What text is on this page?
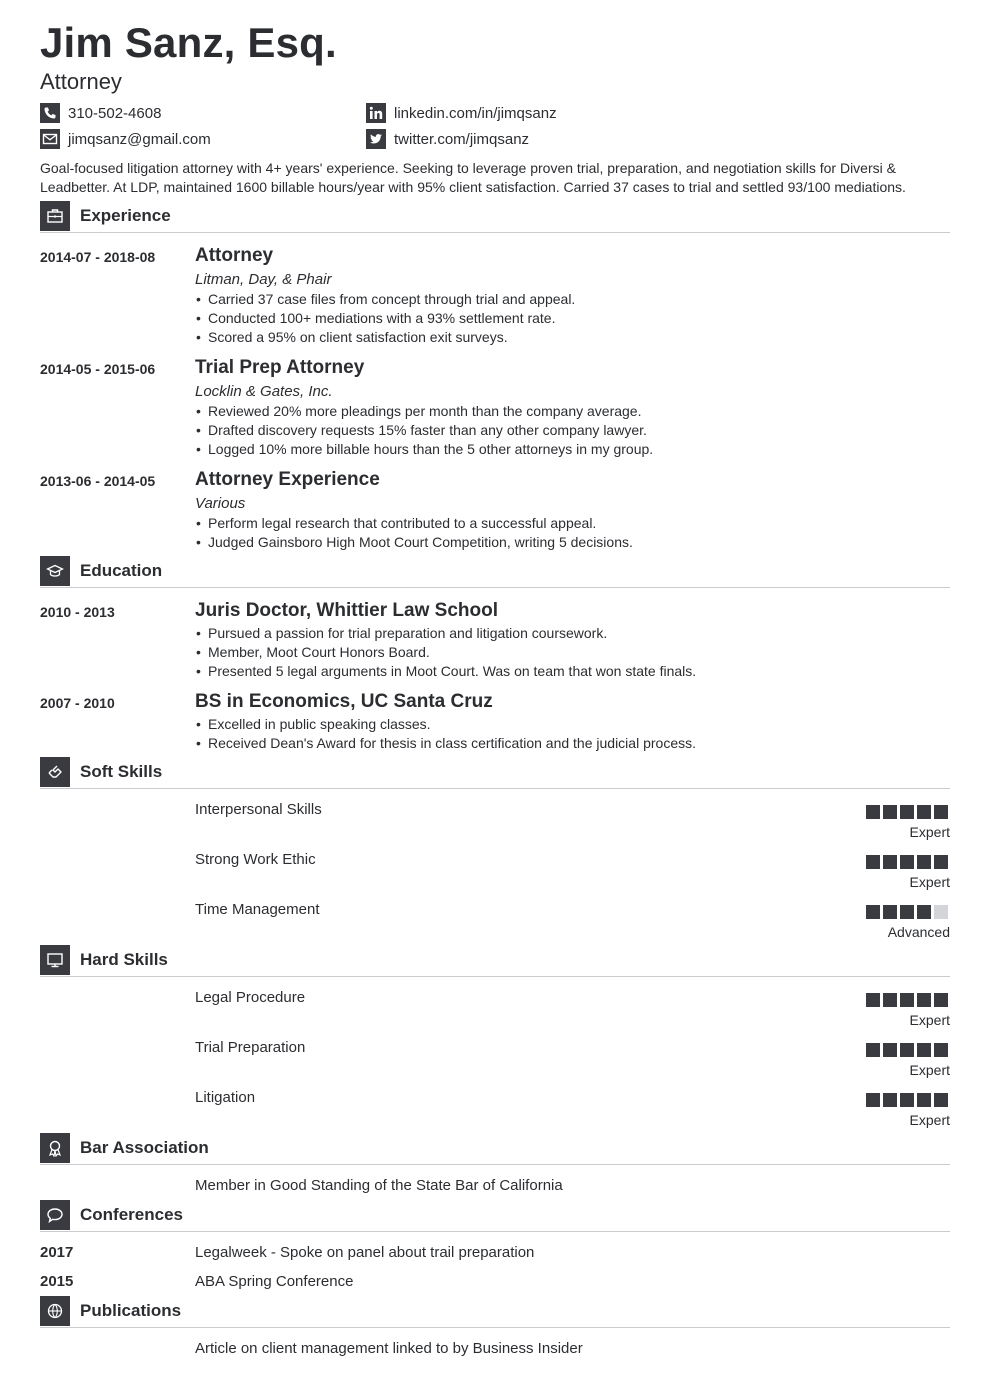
Jim Sanz, Esq.
Attorney
310-502-4608
jimqsanz@gmail.com
linkedin.com/in/jimqsanz
twitter.com/jimqsanz
Goal-focused litigation attorney with 4+ years' experience. Seeking to leverage proven trial, preparation, and negotiation skills for Diversi & Leadbetter. At LDP, maintained 1600 billable hours/year with 95% client satisfaction. Carried 37 cases to trial and settled 93/100 mediations.
Experience
2014-07 - 2018-08 Attorney
Litman, Day, & Phair
• Carried 37 case files from concept through trial and appeal.
• Conducted 100+ mediations with a 93% settlement rate.
• Scored a 95% on client satisfaction exit surveys.
2014-05 - 2015-06 Trial Prep Attorney
Locklin & Gates, Inc.
• Reviewed 20% more pleadings per month than the company average.
• Drafted discovery requests 15% faster than any other company lawyer.
• Logged 10% more billable hours than the 5 other attorneys in my group.
2013-06 - 2014-05 Attorney Experience
Various
• Perform legal research that contributed to a successful appeal.
• Judged Gainsboro High Moot Court Competition, writing 5 decisions.
Education
2010 - 2013	Juris Doctor, Whittier Law School
• Pursued a passion for trial preparation and litigation coursework.
• Member, Moot Court Honors Board.
• Presented 5 legal arguments in Moot Court. Was on team that won state finals.
2007 - 2010	BS in Economics, UC Santa Cruz
• Excelled in public speaking classes.
• Received Dean's Award for thesis in class certification and the judicial process.
Soft Skills
Interpersonal Skills
Expert
Strong Work Ethic
Expert
Time Management
Advanced
Hard Skills
Legal Procedure
Expert
Trial Preparation
Expert
Litigation
Expert
Bar Association
Member in Good Standing of the State Bar of California
Conferences
2017	Legalweek - Spoke on panel about trail preparation
2015	ABA Spring Conference
Publications
Article on client management linked to by Business Insider
